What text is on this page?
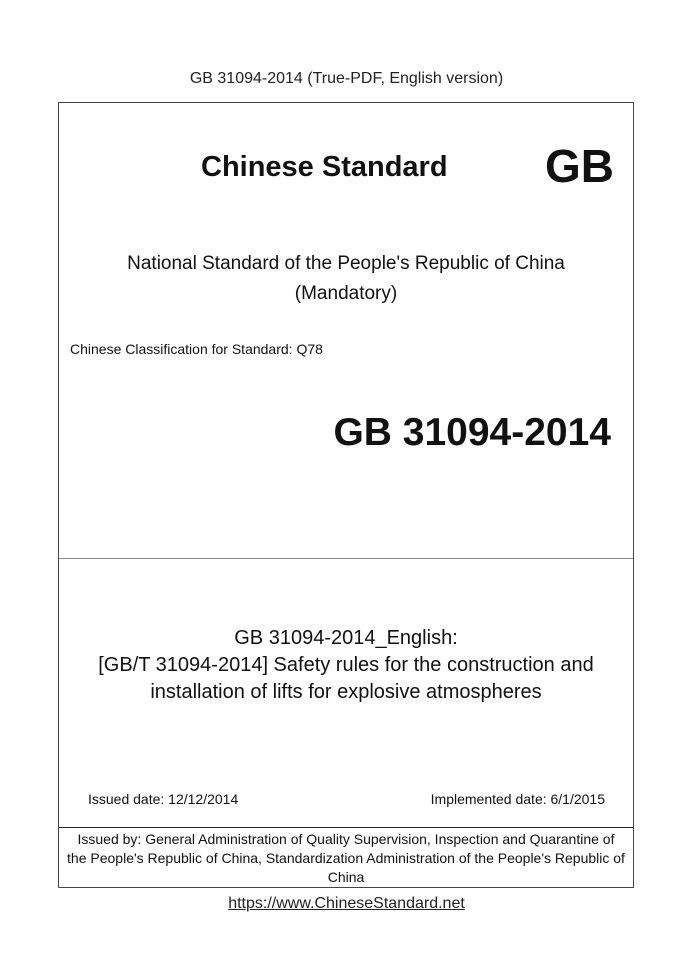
GB 31094-2014 (True-PDF, English version)
Chinese Standard GB
National Standard of the People's Republic of China
(Mandatory)
Chinese Classification for Standard: Q78
GB 31094-2014
GB 31094-2014_English:
[GB/T 31094-2014] Safety rules for the construction and
installation of lifts for explosive atmospheres
Issued date: 12/12/2014	Implemented date: 6/1/2015
Issued by: General Administration of Quality Supervision, Inspection and Quarantine of
the People's Republic of China, Standardization Administration of the People's Republic of
China
https://www.ChineseStandard.net
